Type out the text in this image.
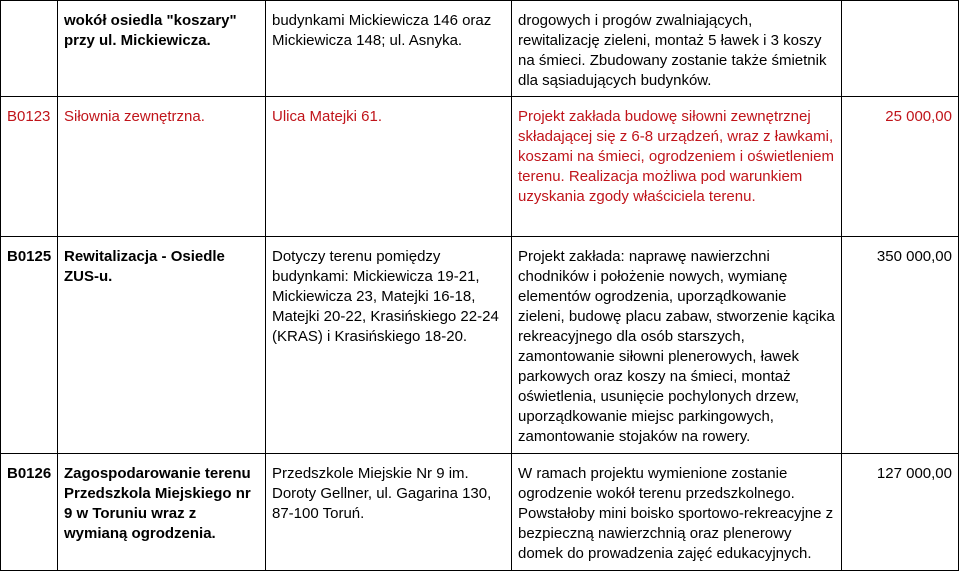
	wokół osiedla "koszary" przy ul. Mickiewicza.	budynkami Mickiewicza 146 oraz Mickiewicza 148; ul. Asnyka.	drogowych i progów zwalniających, rewitalizację zieleni, montaż 5 ławek i 3 koszy na śmieci. Zbudowany zostanie także śmietnik dla sąsiadujących budynków.	
B0123	Siłownia zewnętrzna.	Ulica Matejki 61.	Projekt zakłada budowę siłowni zewnętrznej składającej się z 6-8 urządzeń, wraz z ławkami, koszami na śmieci, ogrodzeniem i oświetleniem terenu. Realizacja możliwa pod warunkiem uzyskania zgody właściciela terenu.	25 000,00
B0125	Rewitalizacja - Osiedle ZUS-u.	Dotyczy terenu pomiędzy budynkami: Mickiewicza 19-21, Mickiewicza 23, Matejki 16-18, Matejki 20-22, Krasińskiego 22-24 (KRAS) i Krasińskiego 18-20.	Projekt zakłada: naprawę nawierzchni chodników i położenie nowych, wymianę elementów ogrodzenia, uporządkowanie zieleni, budowę placu zabaw, stworzenie kącika rekreacyjnego dla osób starszych, zamontowanie siłowni plenerowych, ławek parkowych oraz koszy na śmieci, montaż oświetlenia, usunięcie pochylonych drzew, uporządkowanie miejsc parkingowych, zamontowanie stojaków na rowery.	350 000,00
B0126	Zagospodarowanie terenu Przedszkola Miejskiego nr 9 w Toruniu wraz z wymianą ogrodzenia.	Przedszkole Miejskie Nr 9 im. Doroty Gellner, ul. Gagarina 130, 87-100 Toruń.	W ramach projektu wymienione zostanie ogrodzenie wokół terenu przedszkolnego. Powstałoby mini boisko sportowo-rekreacyjne z bezpieczną nawierzchnią oraz plenerowy domek do prowadzenia zajęć edukacyjnych.	127 000,00
